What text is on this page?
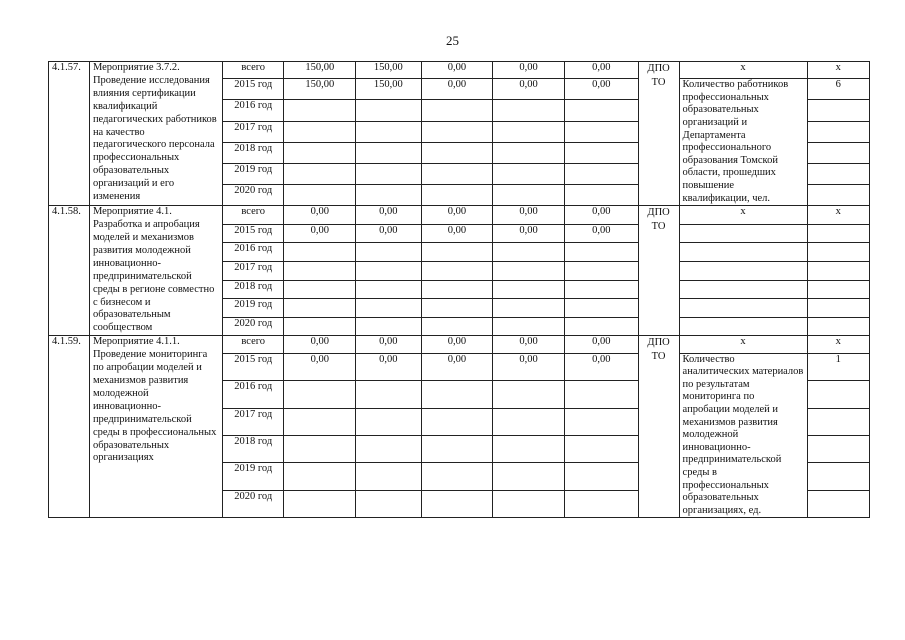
25
4.1.57.	Мероприятие 3.7.2. Проведение исследования влияния сертификации квалификаций педагогических работников на качество педагогического персонала профессиональных образовательных организаций и его изменения	всего	150,00	150,00	0,00	0,00	0,00	ДПО ТО	х	х
		2015 год	150,00	150,00	0,00	0,00	0,00		Количество работников профессиональных образовательных организаций и Департамента профессионального образования Томской области, прошедших повышение квалификации, чел.	6
		2016 год								
		2017 год								
		2018 год								
		2019 год								
		2020 год								
4.1.58.	Мероприятие 4.1. Разработка и апробация моделей и механизмов развития молодежной инновационно-предпринимательской среды в регионе совместно с бизнесом и образовательным сообществом	всего	0,00	0,00	0,00	0,00	0,00	ДПО ТО	х	х
		2015 год	0,00	0,00	0,00	0,00	0,00			
		2016 год								
		2017 год								
		2018 год								
		2019 год								
		2020 год								
4.1.59.	Мероприятие 4.1.1. Проведение мониторинга по апробации моделей и механизмов развития молодежной инновационно-предпринимательской среды в профессиональных образовательных организациях	всего	0,00	0,00	0,00	0,00	0,00	ДПО ТО	х	х
		2015 год	0,00	0,00	0,00	0,00	0,00		Количество аналитических материалов по результатам мониторинга по апробации моделей и механизмов развития молодежной инновационно-предпринимательской среды в профессиональных образовательных организациях, ед.	1
		2016 год								
		2017 год								
		2018 год								
		2019 год								
		2020 год								
